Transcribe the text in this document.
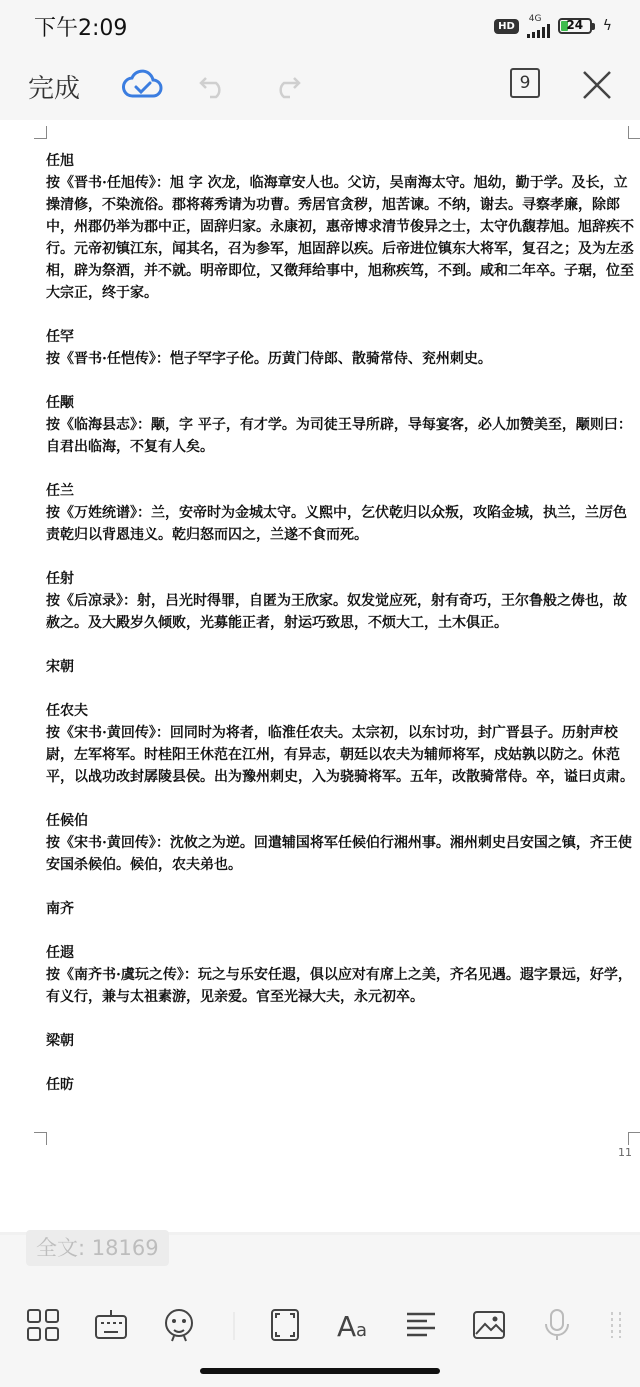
下午2:09	HD
4G	24	ϟ
完成	9
任旭
按《晋书·任旭传》：旭 字 次龙，临海章安人也。父访，吴南海太守。旭幼，勤于学。及长，立操清修，不染流俗。郡将蒋秀请为功曹。秀居官贪秽，旭苦谏。不纳，谢去。寻察孝廉，除郎中，州郡仍举为郡中正，固辞归家。永康初，惠帝博求清节俊异之士，太守仇馥荐旭。旭辞疾不行。元帝初镇江东，闻其名，召为参军，旭固辞以疾。后帝进位镇东大将军，复召之；及为左丞相，辟为祭酒，并不就。明帝即位，又徵拜给事中，旭称疾笃，不到。咸和二年卒。子琚，位至大宗正，终于家。
任罕
按《晋书·任恺传》：恺子罕字子伦。历黄门侍郎、散骑常侍、兖州刺史。
任颙
按《临海县志》：颙，字 平子，有才学。为司徒王导所辟，导每宴客，必人加赞美至，颙则曰：自君出临海，不复有人矣。
任兰
按《万姓统谱》：兰，安帝时为金城太守。义熙中，乞伏乾归以众叛，攻陷金城，执兰，兰厉色责乾归以背恩违义。乾归怒而囚之，兰遂不食而死。
任射
按《后凉录》：射，吕光时得罪，自匿为王欣家。奴发觉应死，射有奇巧，王尔鲁般之俦也，故赦之。及大殿岁久倾败，光募能正者，射运巧致思，不烦大工，土木俱正。
宋朝
任农夫
按《宋书·黄回传》：回同时为将者，临淮任农夫。太宗初，以东讨功，封广晋县子。历射声校尉，左军将军。时桂阳王休范在江州，有异志，朝廷以农夫为辅师将军，戍姑孰以防之。休范平，以战功改封孱陵县侯。出为豫州刺史，入为骁骑将军。五年，改散骑常侍。卒，谥曰贞肃。
任候伯
按《宋书·黄回传》：沈攸之为逆。回遣辅国将军任候伯行湘州事。湘州刺史吕安国之镇，齐王使安国杀候伯。候伯，农夫弟也。
南齐
任遐
按《南齐书·虞玩之传》：玩之与乐安任遐，俱以应对有席上之美，齐名见遇。遐字景远，好学，有义行，兼与太祖素游，见亲爱。官至光禄大夫，永元初卒。
梁朝
任昉
11
全文: 18169
A a
